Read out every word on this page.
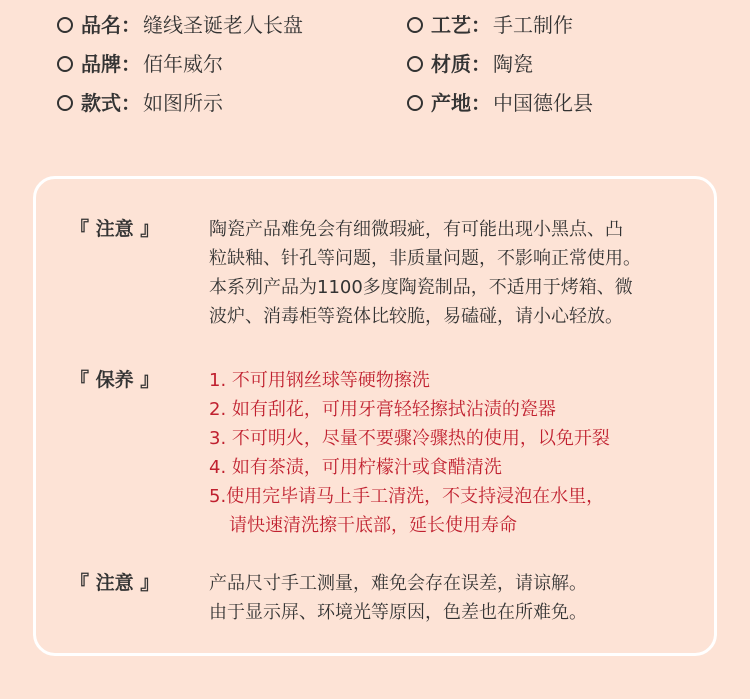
品名： 缝线圣诞老人长盘	工艺： 手工制作
品牌： 佰年威尔	材质： 陶瓷
款式： 如图所示	产地： 中国德化县
『 注意 』	陶瓷产品难免会有细微瑕疵，有可能出现小黑点、凸
粒缺釉、针孔等问题，非质量问题，不影响正常使用。
本系列产品为1100多度陶瓷制品，不适用于烤箱、微
波炉、消毒柜等瓷体比较脆，易磕碰，请小心轻放。
『 保养 』	1. 不可用钢丝球等硬物擦洗
2. 如有刮花，可用牙膏轻轻擦拭沾渍的瓷器
3. 不可明火，尽量不要骤冷骤热的使用，以免开裂
4. 如有茶渍，可用柠檬汁或食醋清洗
5.使用完毕请马上手工清洗，不支持浸泡在水里，
请快速清洗擦干底部，延长使用寿命
『 注意 』	产品尺寸手工测量，难免会存在误差，请谅解。
由于显示屏、环境光等原因，色差也在所难免。
